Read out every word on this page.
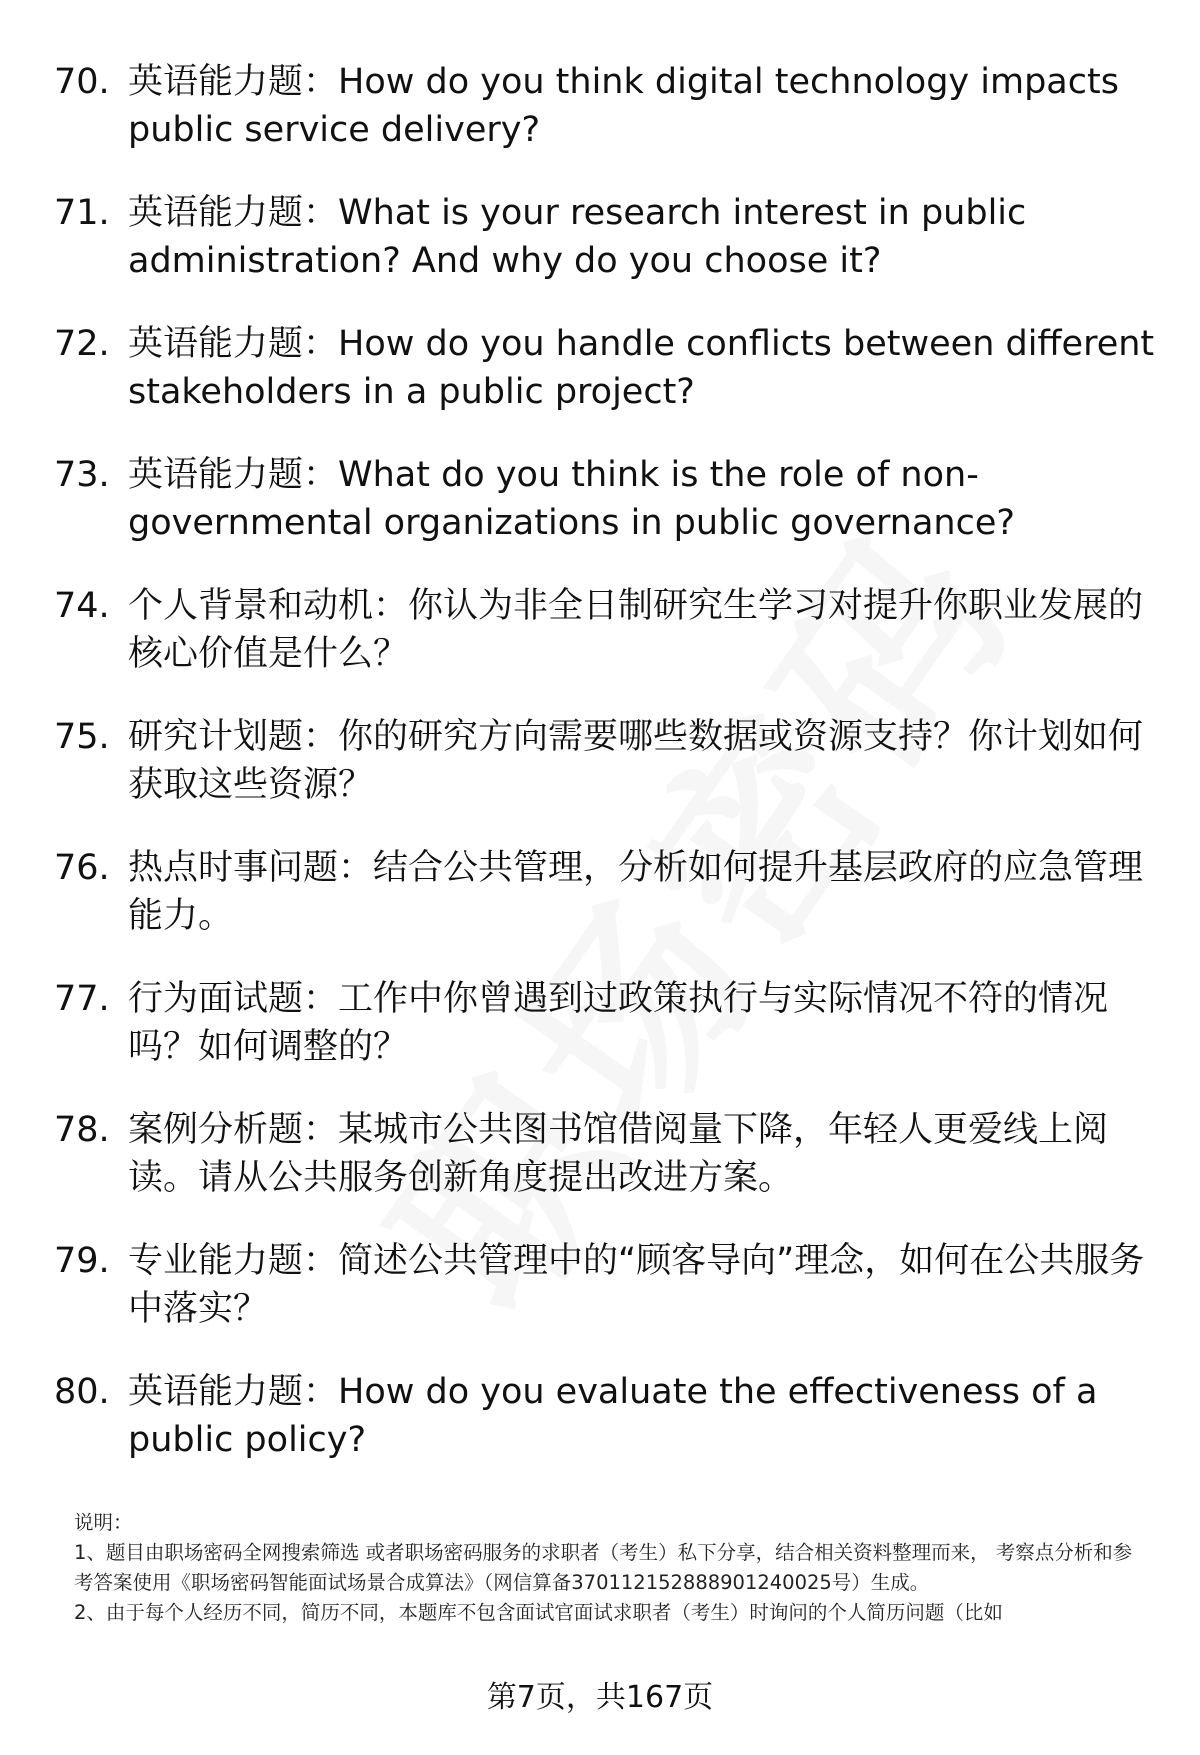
70. 英语能力题：How do you think digital technology impacts public service delivery?
71. 英语能力题：What is your research interest in public administration? And why do you choose it?
72. 英语能力题：How do you handle conflicts between different stakeholders in a public project?
73. 英语能力题：What do you think is the role of non-governmental organizations in public governance?
74. 个人背景和动机：你认为非全日制研究生学习对提升你职业发展的核心价值是什么？
75. 研究计划题：你的研究方向需要哪些数据或资源支持？你计划如何获取这些资源？
76. 热点时事问题：结合公共管理，分析如何提升基层政府的应急管理能力。
77. 行为面试题：工作中你曾遇到过政策执行与实际情况不符的情况吗？如何调整的？
78. 案例分析题：某城市公共图书馆借阅量下降，年轻人更爱线上阅读。请从公共服务创新角度提出改进方案。
79. 专业能力题：简述公共管理中的“顾客导向”理念，如何在公共服务中落实？
80. 英语能力题：How do you evaluate the effectiveness of a public policy?

说明：

1、题目由职场密码全网搜索筛选 或者职场密码服务的求职者（考生）私下分享，结合相关资料整理而来， 考察点分析和参考答案使用《职场密码智能面试场景合成算法》（网信算备370112152888901240025号）生成。

2、由于每个人经历不同，简历不同，本题库不包含面试官面试求职者（考生）时询问的个人简历问题（比如

第7页，共167页
